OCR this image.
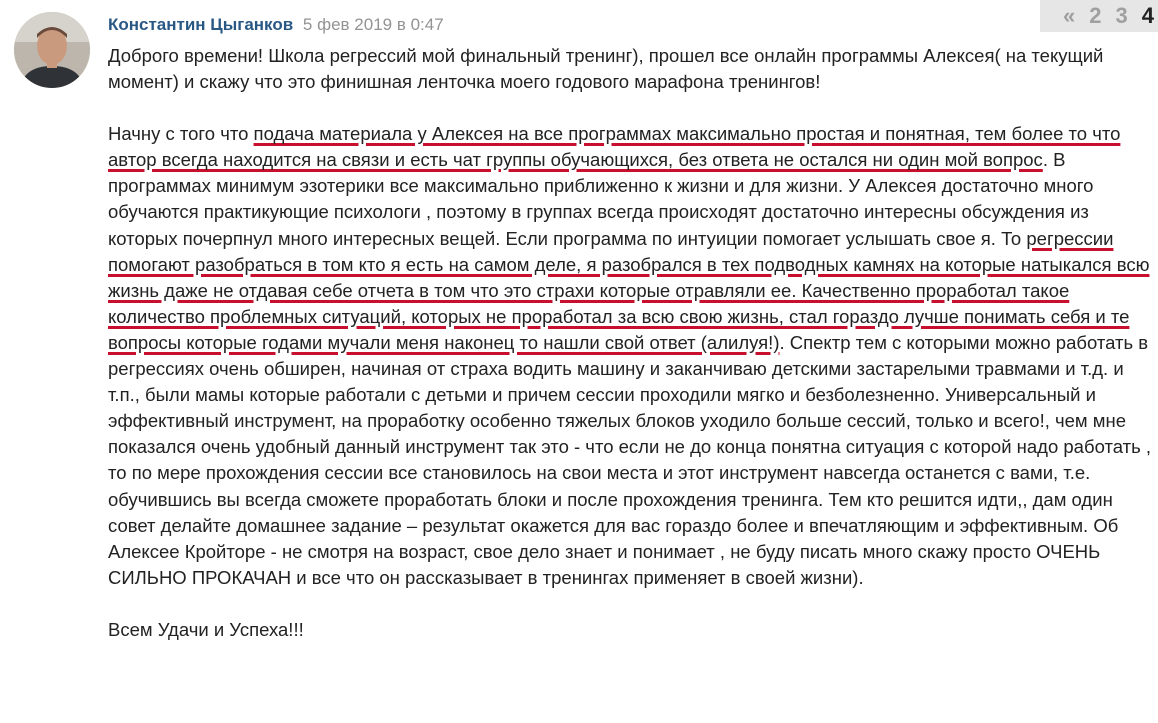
Константин Цыганков 5 фев 2019 в 0:47	« 2 3 4

Доброго времени! Школа регрессий мой финальный тренинг), прошел все онлайн программы Алексея( на текущий момент) и скажу что это финишная ленточка моего годового марафона тренингов!

Начну с того что подача материала у Алексея на все программах максимально простая и понятная, тем более то что автор всегда находится на связи и есть чат группы обучающихся, без ответа не остался ни один мой вопрос. В программах минимум эзотерики все максимально приближенно к жизни и для жизни. У Алексея достаточно много обучаются практикующие психологи , поэтому в группах всегда происходят достаточно интересны обсуждения из которых почерпнул много интересных вещей. Если программа по интуиции помогает услышать свое я. То регрессии помогают разобраться в том кто я есть на самом деле, я разобрался в тех подводных камнях на которые натыкался всю жизнь даже не отдавая себе отчета в том что это страхи которые отравляли ее. Качественно проработал такое количество проблемных ситуаций, которых не проработал за всю свою жизнь, стал гораздо лучше понимать себя и те вопросы которые годами мучали меня наконец то нашли свой ответ (алилуя!). Спектр тем с которыми можно работать в регрессиях очень обширен, начиная от страха водить машину и заканчиваю детскими застарелыми травмами и т.д. и т.п., были мамы которые работали с детьми и причем сессии проходили мягко и безболезненно. Универсальный и эффективный инструмент, на проработку особенно тяжелых блоков уходило больше сессий, только и всего!, чем мне показался очень удобный данный инструмент так это - что если не до конца понятна ситуация с которой надо работать , то по мере прохождения сессии все становилось на свои места и этот инструмент навсегда останется с вами, т.е. обучившись вы всегда сможете проработать блоки и после прохождения тренинга. Тем кто решится идти,, дам один совет делайте домашнее задание – результат окажется для вас гораздо более и впечатляющим и эффективным. Об Алексее Кройторе - не смотря на возраст, свое дело знает и понимает , не буду писать много скажу просто ОЧЕНЬ СИЛЬНО ПРОКАЧАН и все что он рассказывает в тренингах применяет в своей жизни).

Всем Удачи и Успеха!!!
